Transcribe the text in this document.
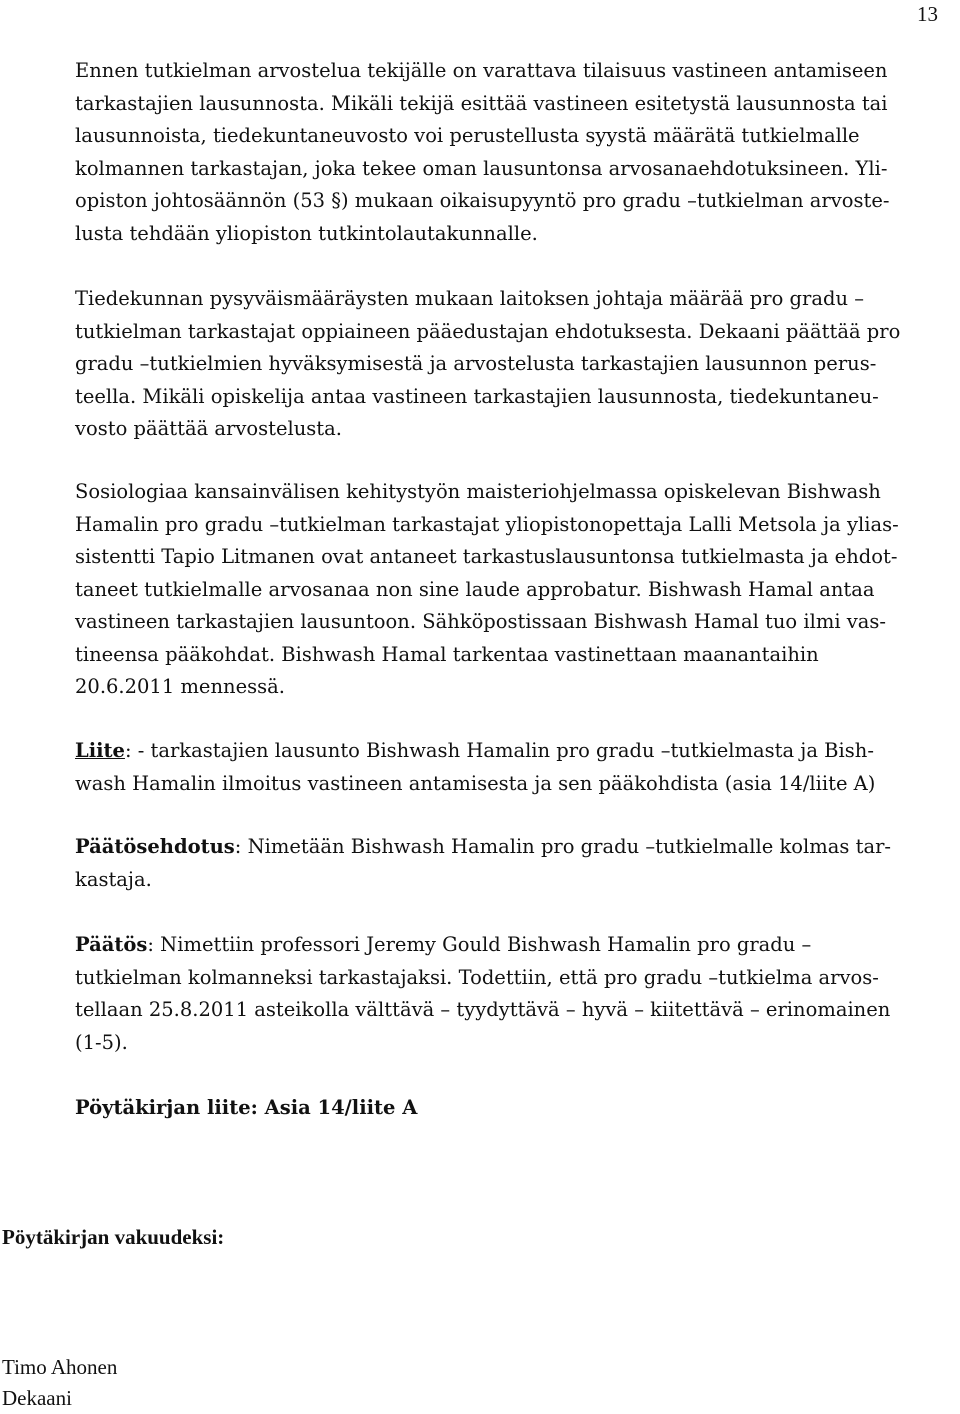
13
Ennen tutkielman arvostelua tekijälle on varattava tilaisuus vastineen antamiseen
tarkastajien lausunnosta. Mikäli tekijä esittää vastineen esitetystä lausunnosta tai
lausunnoista, tiedekuntaneuvosto voi perustellusta syystä määrätä tutkielmalle
kolmannen tarkastajan, joka tekee oman lausuntonsa arvosanaehdotuksineen. Yli-
opiston johtosäännön (53 §) mukaan oikaisupyyntö pro gradu –tutkielman arvoste-
lusta tehdään yliopiston tutkintolautakunnalle.
Tiedekunnan pysyväismääräysten mukaan laitoksen johtaja määrää pro gradu –
tutkielman tarkastajat oppiaineen pääedustajan ehdotuksesta. Dekaani päättää pro
gradu –tutkielmien hyväksymisestä ja arvostelusta tarkastajien lausunnon perus-
teella. Mikäli opiskelija antaa vastineen tarkastajien lausunnosta, tiedekuntaneu-
vosto päättää arvostelusta.
Sosiologiaa kansainvälisen kehitystyön maisteriohjelmassa opiskelevan Bishwash
Hamalin pro gradu –tutkielman tarkastajat yliopistonopettaja Lalli Metsola ja ylias-
sistentti Tapio Litmanen ovat antaneet tarkastuslausuntonsa tutkielmasta ja ehdot-
taneet tutkielmalle arvosanaa non sine laude approbatur. Bishwash Hamal antaa
vastineen tarkastajien lausuntoon. Sähköpostissaan Bishwash Hamal tuo ilmi vas-
tineensa pääkohdat. Bishwash Hamal tarkentaa vastinettaan maanantaihin
20.6.2011 mennessä.
Liite: - tarkastajien lausunto Bishwash Hamalin pro gradu –tutkielmasta ja Bish-
wash Hamalin ilmoitus vastineen antamisesta ja sen pääkohdista (asia 14/liite A)
Päätösehdotus: Nimetään Bishwash Hamalin pro gradu –tutkielmalle kolmas tar-
kastaja.
Päätös: Nimettiin professori Jeremy Gould Bishwash Hamalin pro gradu –
tutkielman kolmanneksi tarkastajaksi. Todettiin, että pro gradu –tutkielma arvos-
tellaan 25.8.2011 asteikolla välttävä – tyydyttävä – hyvä – kiitettävä – erinomainen
(1-5).
Pöytäkirjan liite: Asia 14/liite A
Pöytäkirjan vakuudeksi:
Timo Ahonen
Dekaani
